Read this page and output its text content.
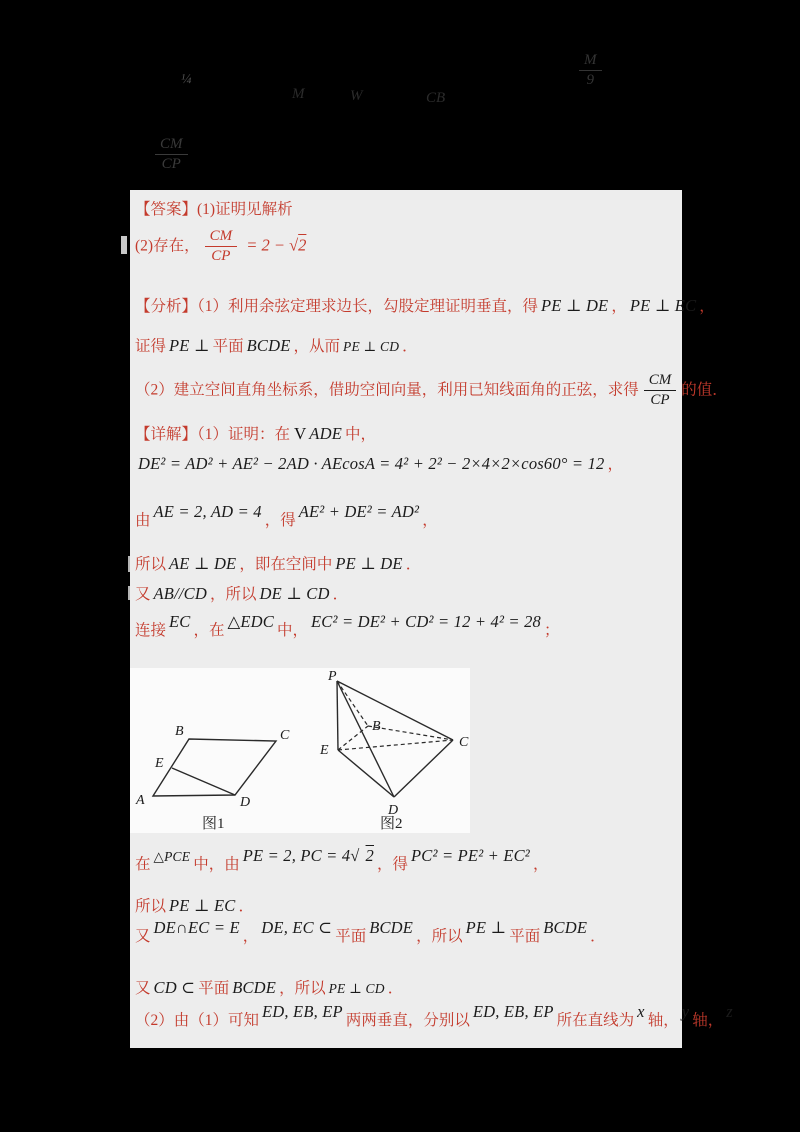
¼
M	W	CB
$\frac{M}{9}$
$\frac{CM}{CP}$
【答案】(1)证明见解析
(2)存在， $\frac{CM}{CP} = 2 - √2$
【分析】（1）利用余弦定理求边长，勾股定理证明垂直，得 PE ⊥ DE ， PE ⊥ EC ，
证得 PE ⊥ 平面 BCDE ，从而 PE ⊥ CD ．
（2）建立空间直角坐标系，借助空间向量，利用已知线面角的正弦，求得 $\frac{CM}{CP}$ 的值．
【详解】（1）证明：在 V ADE 中，
DE² = AD² + AE² − 2AD · AEcosA = 4² + 2² − 2×4×2×cos60° = 12 ，
由 AE = 2, AD = 4 ，得 AE² + DE² = AD² ，
所以 AE ⊥ DE ，即在空间中 PE ⊥ DE ．
又 AB//CD ，所以 DE ⊥ CD ．
连接 EC ，在 △EDC 中， EC² = DE² + CD² = 12 + 4² = 28 ；
A
B	C
D
E
图1
P
E
B
C
D
图2
在 $^{\triangle PCE}$ 中，由 PE = 2, PC = 4√ 2 ，得 PC² = PE² + EC² ，
所以 PE ⊥ EC ．
又 DE∩EC = E ， DE, EC ⊂ 平面 BCDE ，所以 PE ⊥ 平面 BCDE ．
又 CD ⊂ 平面 BCDE ，所以 PE ⊥ CD ．
（2）由（1）可知 ED, EB, EP 两两垂直，分别以 ED, EB, EP 所在直线为 x 轴， y 轴， z
